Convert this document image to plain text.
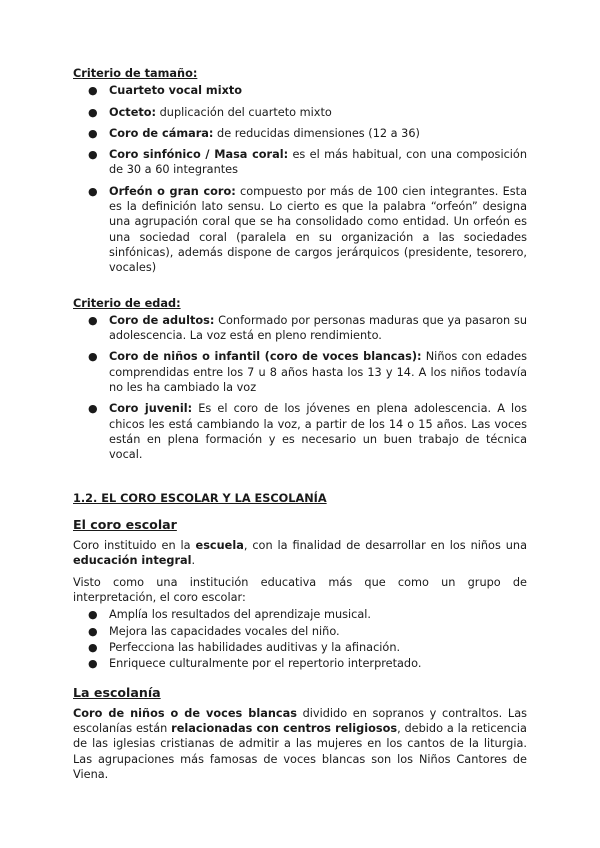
Criterio de tamaño:

● Cuarteto vocal mixto
● Octeto: duplicación del cuarteto mixto
● Coro de cámara: de reducidas dimensiones (12 a 36)
● Coro sinfónico / Masa coral: es el más habitual, con una composición de 30 a 60 integrantes
● Orfeón o gran coro: compuesto por más de 100 cien integrantes. Esta es la definición lato sensu. Lo cierto es que la palabra “orfeón” designa una agrupación coral que se ha consolidado como entidad. Un orfeón es una sociedad coral (paralela en su organización a las sociedades sinfónicas), además dispone de cargos jerárquicos (presidente, tesorero, vocales)

Criterio de edad:

● Coro de adultos: Conformado por personas maduras que ya pasaron su adolescencia. La voz está en pleno rendimiento.
● Coro de niños o infantil (coro de voces blancas): Niños con edades comprendidas entre los 7 u 8 años hasta los 13 y 14. A los niños todavía no les ha cambiado la voz
● Coro juvenil: Es el coro de los jóvenes en plena adolescencia. A los chicos les está cambiando la voz, a partir de los 14 o 15 años. Las voces están en plena formación y es necesario un buen trabajo de técnica vocal.

1.2. EL CORO ESCOLAR Y LA ESCOLANÍA

El coro escolar

Coro instituido en la escuela, con la finalidad de desarrollar en los niños una educación integral.

Visto como una institución educativa más que como un grupo de interpretación, el coro escolar:

● Amplía los resultados del aprendizaje musical.
● Mejora las capacidades vocales del niño.
● Perfecciona las habilidades auditivas y la afinación.
● Enriquece culturalmente por el repertorio interpretado.

La escolanía

Coro de niños o de voces blancas dividido en sopranos y contraltos. Las escolanías están relacionadas con centros religiosos, debido a la reticencia de las iglesias cristianas de admitir a las mujeres en los cantos de la liturgia. Las agrupaciones más famosas de voces blancas son los Niños Cantores de Viena.
